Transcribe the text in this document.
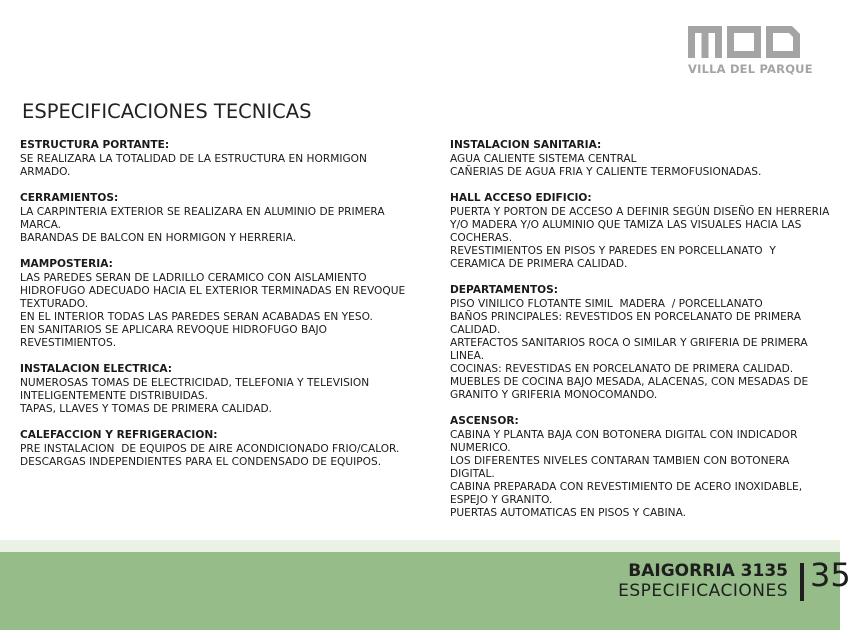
VILLA DEL PARQUE
ESPECIFICACIONES TECNICAS
ESTRUCTURA PORTANTE:
SE REALIZARA LA TOTALIDAD DE LA ESTRUCTURA EN HORMIGON ARMADO.
CERRAMIENTOS:
LA CARPINTERIA EXTERIOR SE REALIZARA EN ALUMINIO DE PRIMERA MARCA.
BARANDAS DE BALCON EN HORMIGON Y HERRERIA.
MAMPOSTERIA:
LAS PAREDES SERAN DE LADRILLO CERAMICO CON AISLAMIENTO HIDROFUGO ADECUADO HACIA EL EXTERIOR TERMINADAS EN REVOQUE TEXTURADO.
EN EL INTERIOR TODAS LAS PAREDES SERAN ACABADAS EN YESO.
EN SANITARIOS SE APLICARA REVOQUE HIDROFUGO BAJO REVESTIMIENTOS.
INSTALACION ELECTRICA:
NUMEROSAS TOMAS DE ELECTRICIDAD, TELEFONIA Y TELEVISION INTELIGENTEMENTE DISTRIBUIDAS.
TAPAS, LLAVES Y TOMAS DE PRIMERA CALIDAD.
CALEFACCION Y REFRIGERACION:
PRE INSTALACION  DE EQUIPOS DE AIRE ACONDICIONADO FRIO/CALOR.
DESCARGAS INDEPENDIENTES PARA EL CONDENSADO DE EQUIPOS.
INSTALACION SANITARIA:
AGUA CALIENTE SISTEMA CENTRAL
CAÑERIAS DE AGUA FRIA Y CALIENTE TERMOFUSIONADAS.
HALL ACCESO EDIFICIO:
PUERTA Y PORTON DE ACCESO A DEFINIR SEGÚN DISEÑO EN HERRERIA Y/O MADERA Y/O ALUMINIO QUE TAMIZA LAS VISUALES HACIA LAS COCHERAS.
REVESTIMIENTOS EN PISOS Y PAREDES EN PORCELLANATO  Y CERAMICA DE PRIMERA CALIDAD.
DEPARTAMENTOS:
PISO VINILICO FLOTANTE SIMIL  MADERA  / PORCELLANATO
BAÑOS PRINCIPALES: REVESTIDOS EN PORCELANATO DE PRIMERA CALIDAD.
ARTEFACTOS SANITARIOS ROCA O SIMILAR Y GRIFERIA DE PRIMERA LINEA.
COCINAS: REVESTIDAS EN PORCELANATO DE PRIMERA CALIDAD.
MUEBLES DE COCINA BAJO MESADA, ALACENAS, CON MESADAS DE GRANITO Y GRIFERIA MONOCOMANDO.
ASCENSOR:
CABINA Y PLANTA BAJA CON BOTONERA DIGITAL CON INDICADOR NUMERICO.
LOS DIFERENTES NIVELES CONTARAN TAMBIEN CON BOTONERA DIGITAL.
CABINA PREPARADA CON REVESTIMIENTO DE ACERO INOXIDABLE, ESPEJO Y GRANITO.
PUERTAS AUTOMATICAS EN PISOS Y CABINA.
BAIGORRIA 3135
ESPECIFICACIONES 35
